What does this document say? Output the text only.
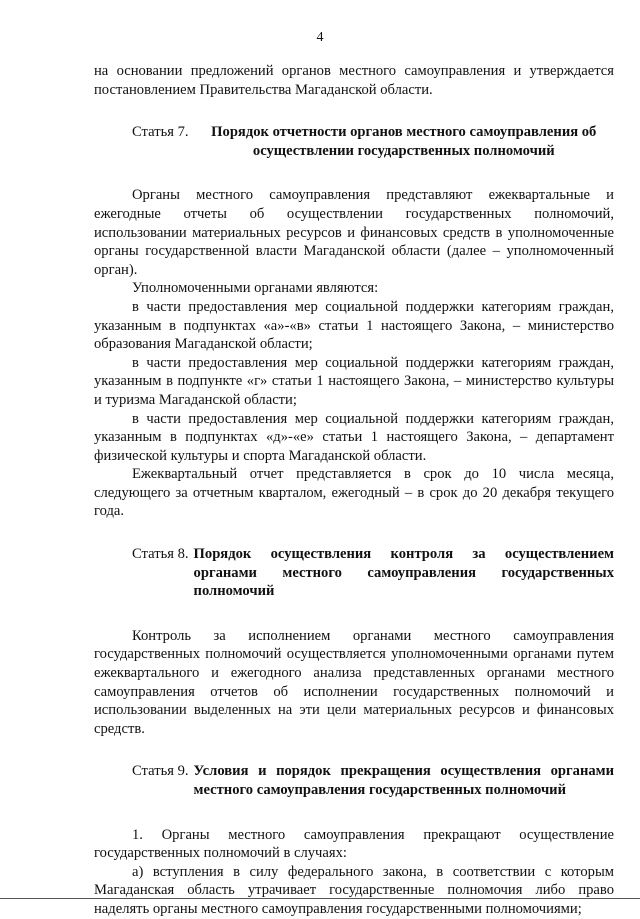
4

на основании предложений органов местного самоуправления и утверждается постановлением Правительства Магаданской области.

Статья 7.	Порядок отчетности органов местного самоуправления об осуществлении государственных полномочий

Органы местного самоуправления представляют ежеквартальные и ежегодные отчеты об осуществлении государственных полномочий, использовании материальных ресурсов и финансовых средств в уполномоченные органы государственной власти Магаданской области (далее – уполномоченный орган).

Уполномоченными органами являются:

в части предоставления мер социальной поддержки категориям граждан, указанным в подпунктах «а»-«в» статьи 1 настоящего Закона, – министерство образования Магаданской области;

в части предоставления мер социальной поддержки категориям граждан, указанным в подпункте «г» статьи 1 настоящего Закона, – министерство культуры и туризма Магаданской области;

в части предоставления мер социальной поддержки категориям граждан, указанным в подпунктах «д»-«е» статьи 1 настоящего Закона, – департамент физической культуры и спорта Магаданской области.

Ежеквартальный отчет представляется в срок до 10 числа месяца, следующего за отчетным кварталом, ежегодный – в срок до 20 декабря текущего года.

Статья 8. Порядок осуществления контроля за осуществлением органами местного самоуправления государственных полномочий

Контроль за исполнением органами местного самоуправления государственных полномочий осуществляется уполномоченными органами путем ежеквартального и ежегодного анализа представленных органами местного самоуправления отчетов об исполнении государственных полномочий и использовании выделенных на эти цели материальных ресурсов и финансовых средств.

Статья 9. Условия и порядок прекращения осуществления органами местного самоуправления государственных полномочий

1. Органы местного самоуправления прекращают осуществление государственных полномочий в случаях:

а) вступления в силу федерального закона, в соответствии с которым Магаданская область утрачивает государственные полномочия либо право наделять органы местного самоуправления государственными полномочиями;
